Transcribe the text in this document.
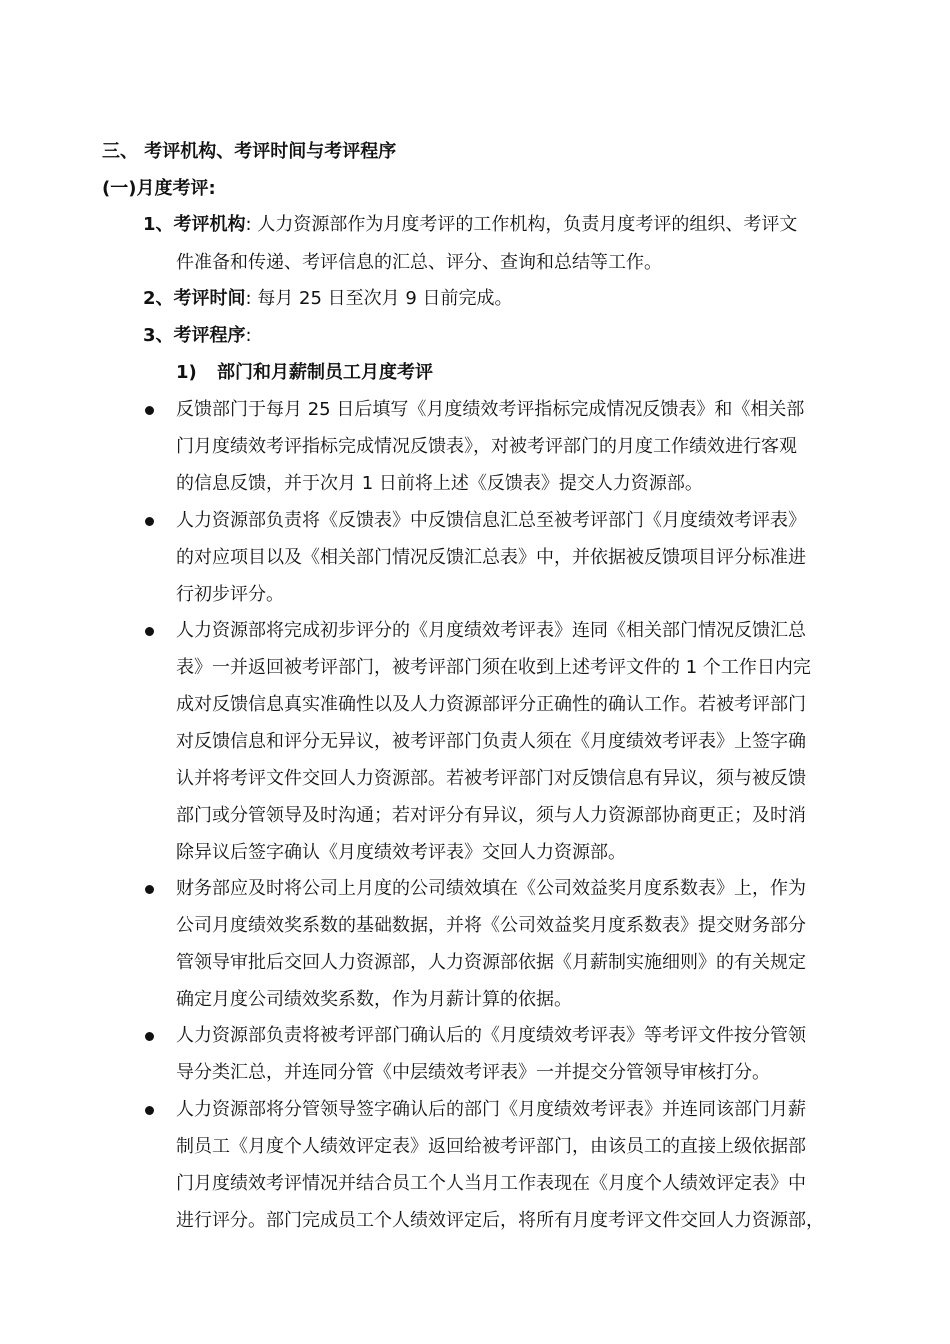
三、 考评机构、考评时间与考评程序
(一)月度考评:
1、考评机构: 人力资源部作为月度考评的工作机构，负责月度考评的组织、考评文
件准备和传递、考评信息的汇总、评分、查询和总结等工作。
2、考评时间: 每月 25 日至次月 9 日前完成。
3、考评程序:
1) 部门和月薪制员工月度考评
反馈部门于每月 25 日后填写《月度绩效考评指标完成情况反馈表》和《相关部
门月度绩效考评指标完成情况反馈表》，对被考评部门的月度工作绩效进行客观
的信息反馈，并于次月 1 日前将上述《反馈表》提交人力资源部。
人力资源部负责将《反馈表》中反馈信息汇总至被考评部门《月度绩效考评表》
的对应项目以及《相关部门情况反馈汇总表》中，并依据被反馈项目评分标准进
行初步评分。
人力资源部将完成初步评分的《月度绩效考评表》连同《相关部门情况反馈汇总
表》一并返回被考评部门，被考评部门须在收到上述考评文件的 1 个工作日内完
成对反馈信息真实准确性以及人力资源部评分正确性的确认工作。若被考评部门
对反馈信息和评分无异议，被考评部门负责人须在《月度绩效考评表》上签字确
认并将考评文件交回人力资源部。若被考评部门对反馈信息有异议，须与被反馈
部门或分管领导及时沟通；若对评分有异议，须与人力资源部协商更正；及时消
除异议后签字确认《月度绩效考评表》交回人力资源部。
财务部应及时将公司上月度的公司绩效填在《公司效益奖月度系数表》上，作为
公司月度绩效奖系数的基础数据，并将《公司效益奖月度系数表》提交财务部分
管领导审批后交回人力资源部，人力资源部依据《月薪制实施细则》的有关规定
确定月度公司绩效奖系数，作为月薪计算的依据。
人力资源部负责将被考评部门确认后的《月度绩效考评表》等考评文件按分管领
导分类汇总，并连同分管《中层绩效考评表》一并提交分管领导审核打分。
人力资源部将分管领导签字确认后的部门《月度绩效考评表》并连同该部门月薪
制员工《月度个人绩效评定表》返回给被考评部门，由该员工的直接上级依据部
门月度绩效考评情况并结合员工个人当月工作表现在《月度个人绩效评定表》中
进行评分。部门完成员工个人绩效评定后，将所有月度考评文件交回人力资源部，
